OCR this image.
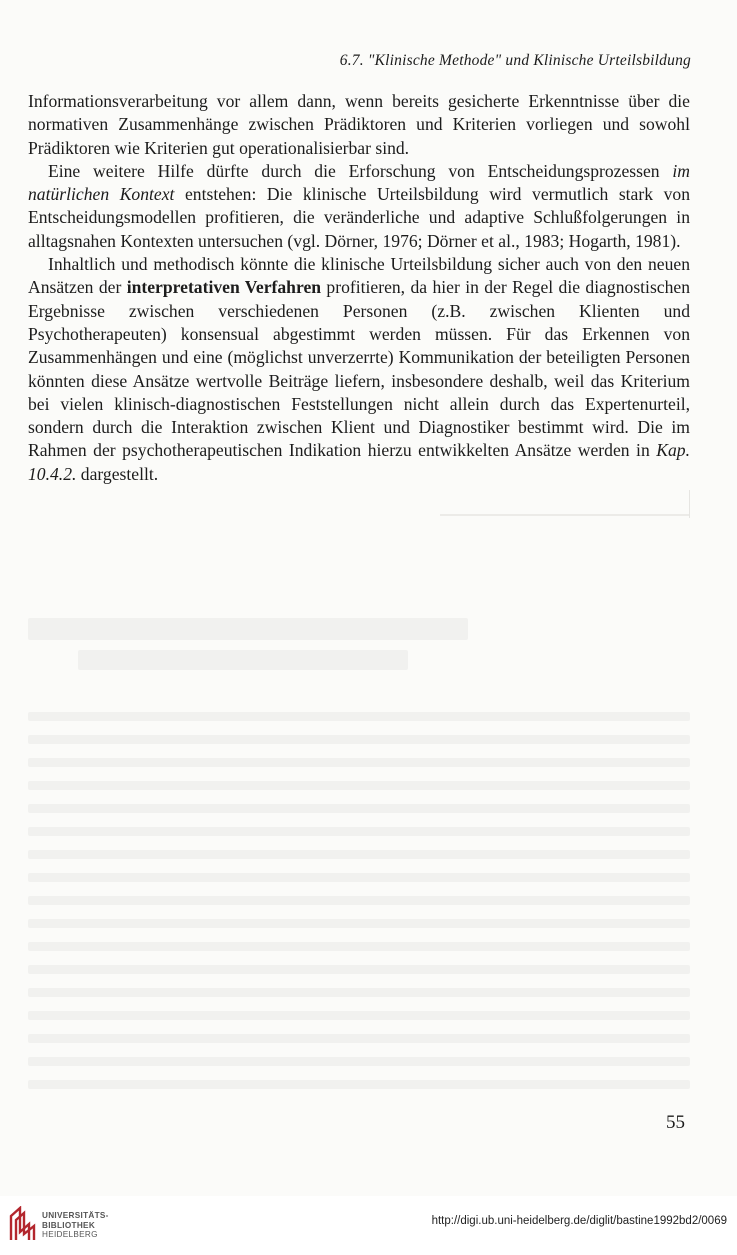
6.7. "Klinische Methode" und Klinische Urteilsbildung

Informationsverarbeitung vor allem dann, wenn bereits gesicherte Erkenntnisse über die normativen Zusammenhänge zwischen Prädiktoren und Kriterien vorliegen und sowohl Prädiktoren wie Kriterien gut operationalisierbar sind.

Eine weitere Hilfe dürfte durch die Erforschung von Entscheidungsprozessen im natürlichen Kontext entstehen: Die klinische Urteilsbildung wird vermutlich stark von Entscheidungsmodellen profitieren, die veränderliche und adaptive Schlußfolgerungen in alltagsnahen Kontexten untersuchen (vgl. Dörner, 1976; Dörner et al., 1983; Hogarth, 1981).

Inhaltlich und methodisch könnte die klinische Urteilsbildung sicher auch von den neuen Ansätzen der interpretativen Verfahren profitieren, da hier in der Regel die diagnostischen Ergebnisse zwischen verschiedenen Personen (z.B. zwischen Klienten und Psychotherapeuten) konsensual abgestimmt werden müssen. Für das Erkennen von Zusammenhängen und eine (möglichst unverzerrte) Kommunikation der beteiligten Personen könnten diese Ansätze wertvolle Beiträge liefern, insbesondere deshalb, weil das Kriterium bei vielen klinisch-diagnostischen Feststellungen nicht allein durch das Expertenurteil, sondern durch die Interaktion zwischen Klient und Diagnostiker bestimmt wird. Die im Rahmen der psychotherapeutischen Indikation hierzu entwikkelten Ansätze werden in Kap. 10.4.2. dargestellt.

55
UNIVERSITÄTS-
BIBLIOTHEK
HEIDELBERG
http://digi.ub.uni-heidelberg.de/diglit/bastine1992bd2/0069
